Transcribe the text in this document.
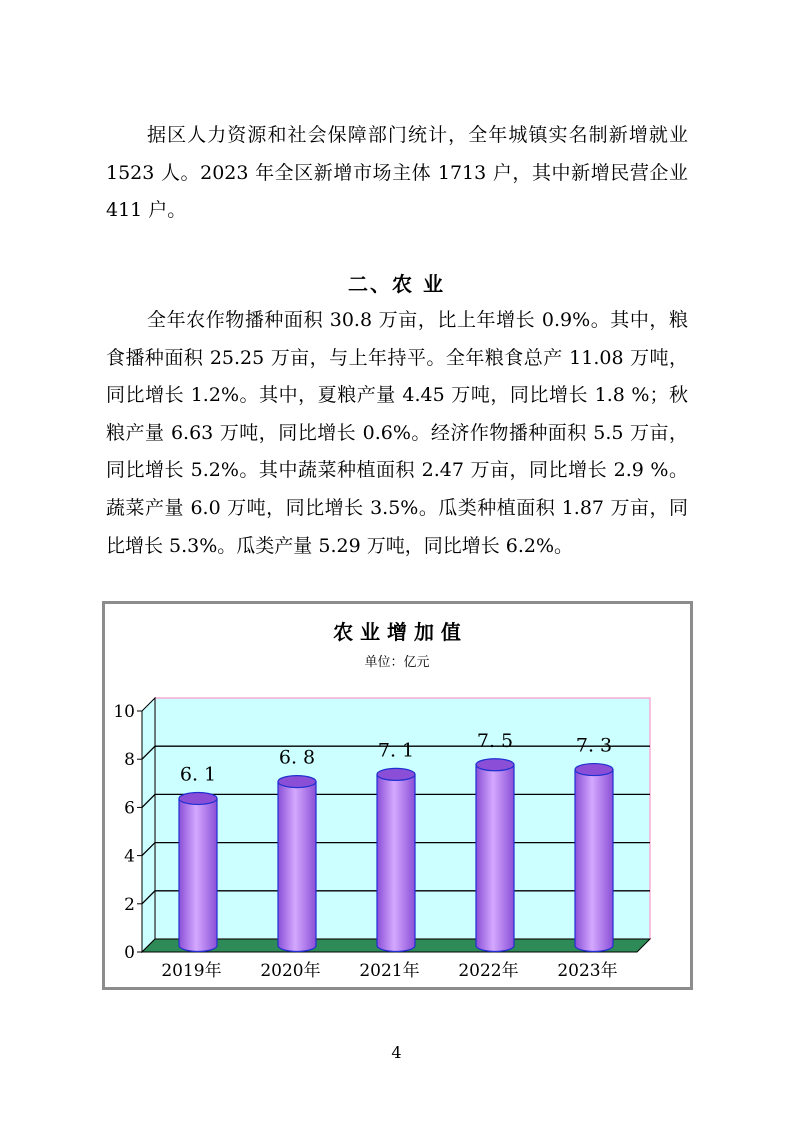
据区人力资源和社会保障部门统计，全年城镇实名制新增就业 1523 人。2023 年全区新增市场主体 1713 户，其中新增民营企业 411 户。

二、农 业

全年农作物播种面积 30.8 万亩，比上年增长 0.9%。其中，粮食播种面积 25.25 万亩，与上年持平。全年粮食总产 11.08 万吨，同比增长 1.2%。其中，夏粮产量 4.45 万吨，同比增长 1.8 %；秋粮产量 6.63 万吨，同比增长 0.6%。经济作物播种面积 5.5 万亩，同比增长 5.2%。其中蔬菜种植面积 2.47 万亩，同比增长 2.9 %。蔬菜产量 6.0 万吨，同比增长 3.5%。瓜类种植面积 1.87 万亩，同比增长 5.3%。瓜类产量 5.29 万吨，同比增长 6.2%。

农 业 增 加 值
单位：亿元
0
2
4
6
8
10
6. 1
2019年
6. 8
2020年
7. 1
2021年
7. 5
2022年
7. 3
2023年
4
